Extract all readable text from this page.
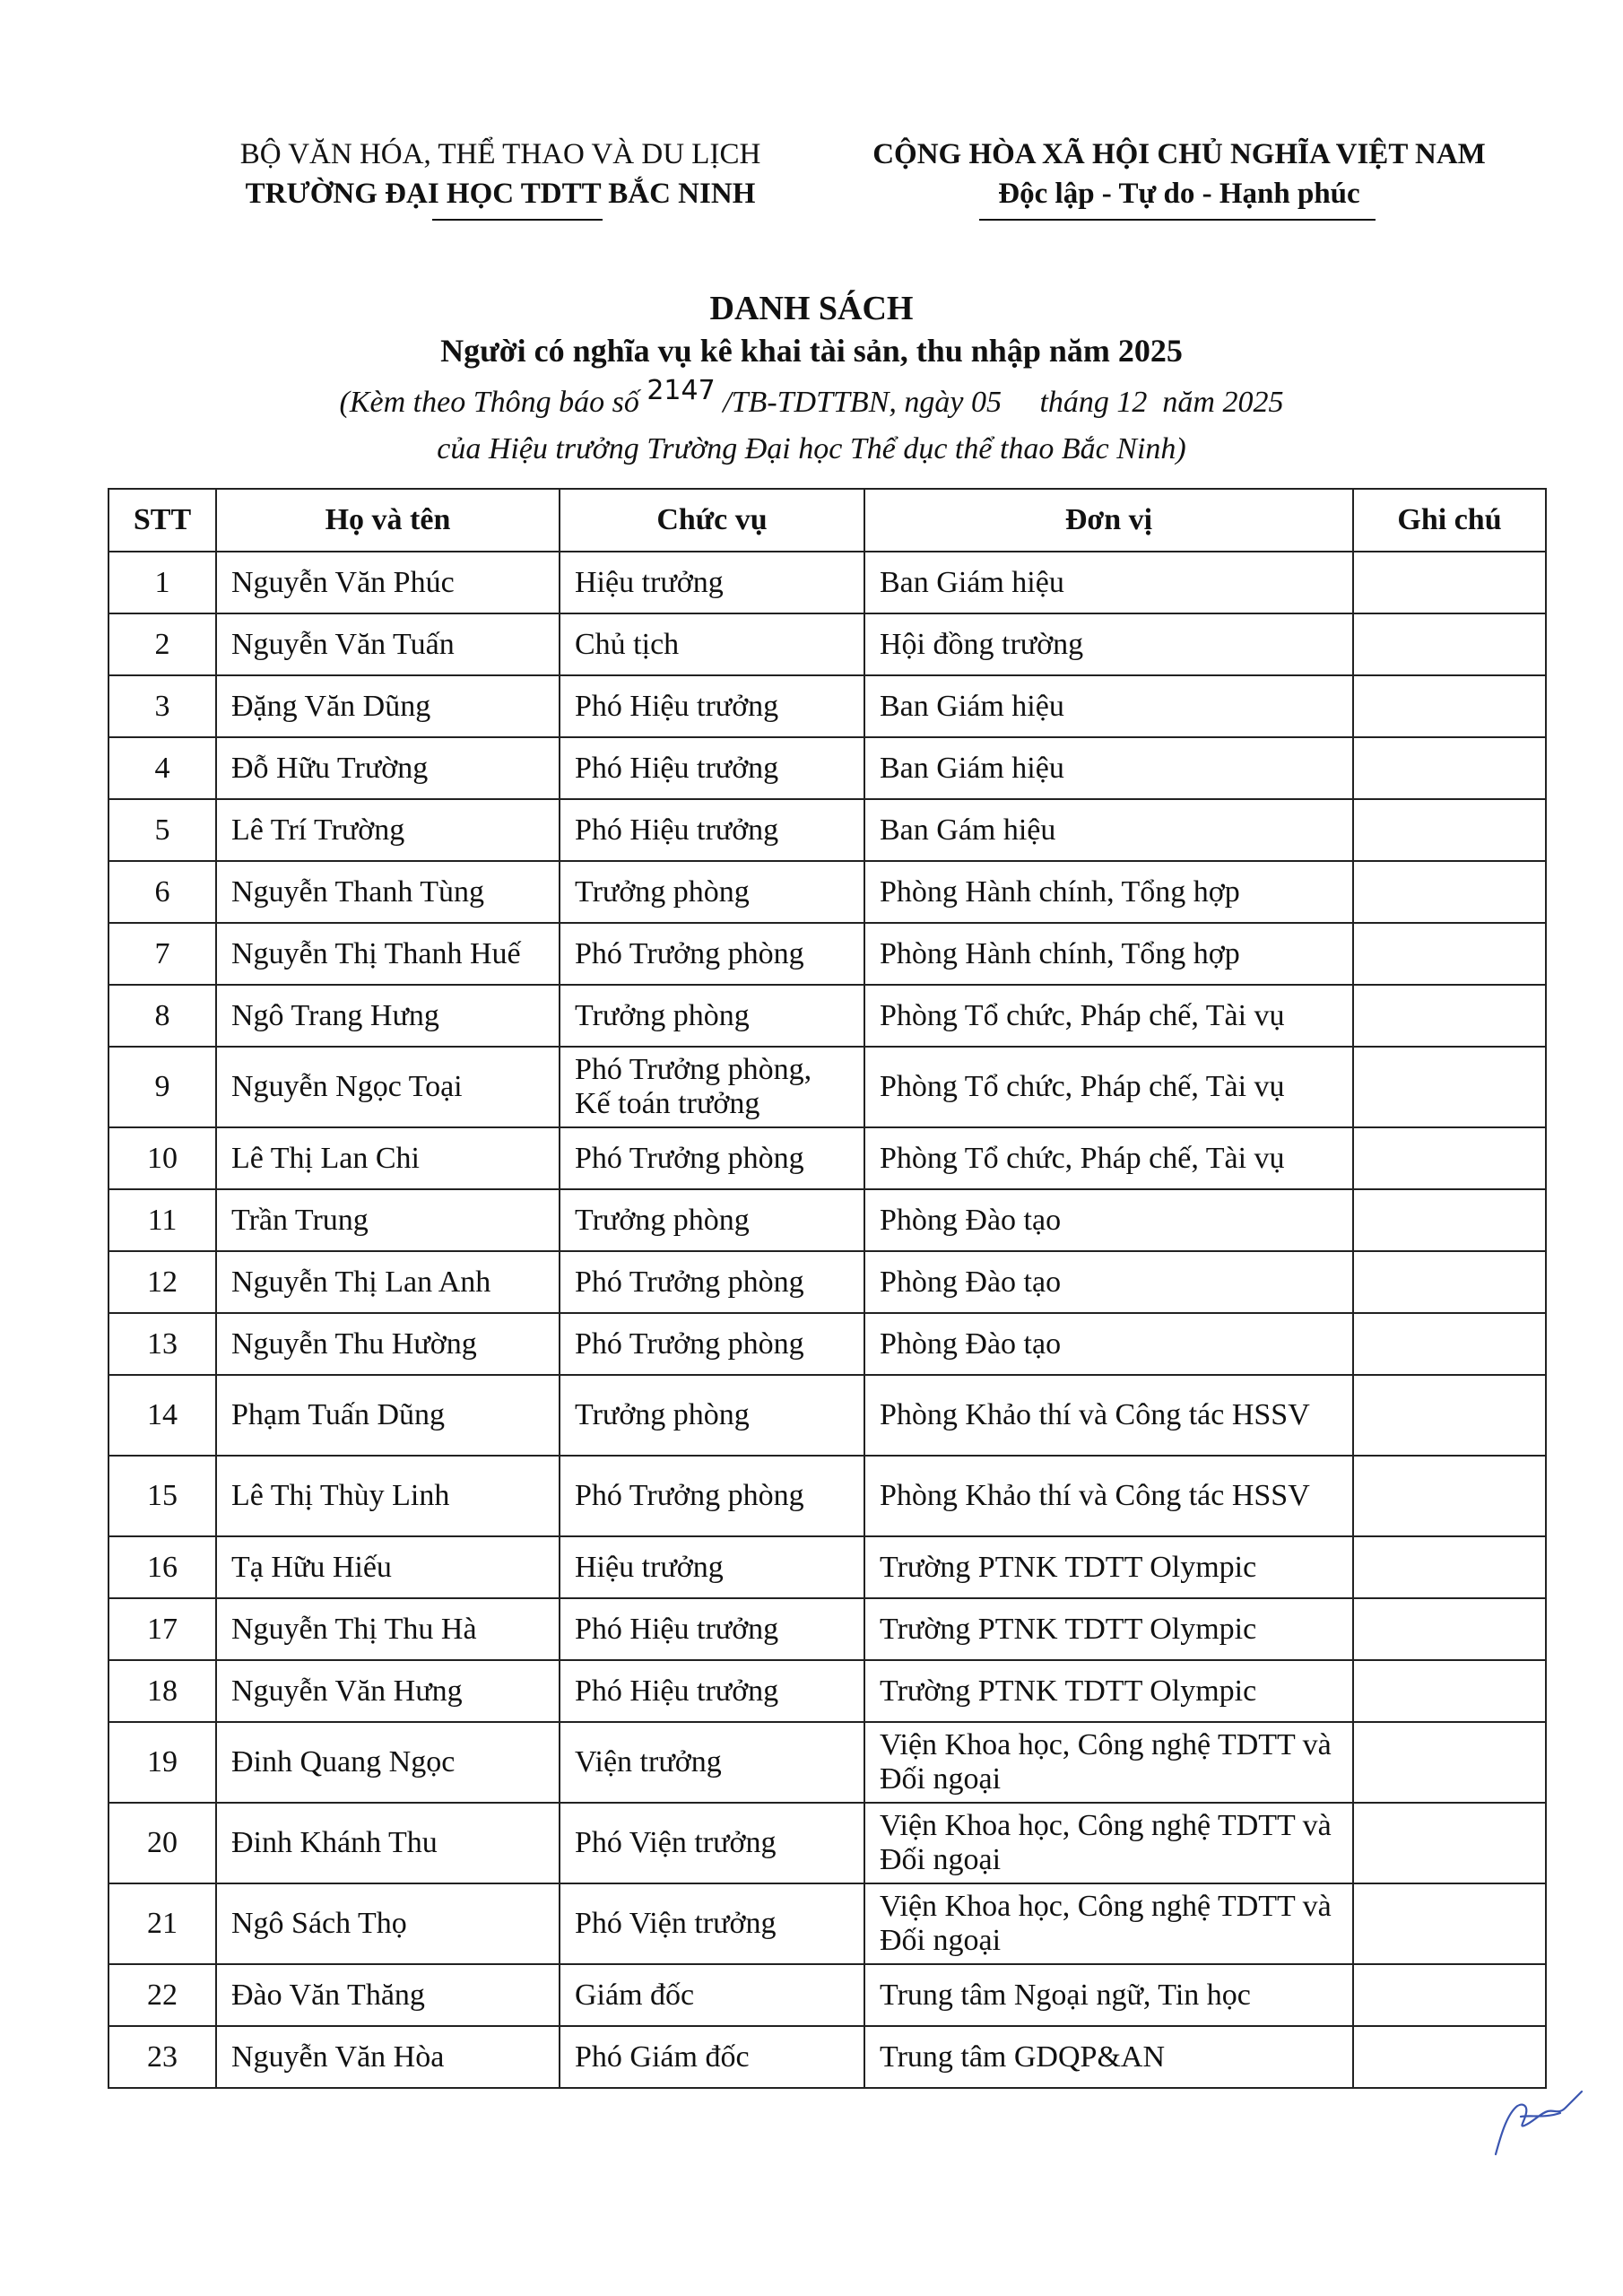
BỘ VĂN HÓA, THỂ THAO VÀ DU LỊCH
TRƯỜNG ĐẠI HỌC TDTT BẮC NINH
CỘNG HÒA XÃ HỘI CHỦ NGHĨA VIỆT NAM
Độc lập - Tự do - Hạnh phúc
DANH SÁCH
Người có nghĩa vụ kê khai tài sản, thu nhập năm 2025
(Kèm theo Thông báo số 2147 /TB-TDTTBN, ngày 05     tháng 12  năm 2025
của Hiệu trưởng Trường Đại học Thể dục thể thao Bắc Ninh)
STT	Họ và tên	Chức vụ	Đơn vị	Ghi chú
1	Nguyễn Văn Phúc	Hiệu trưởng	Ban Giám hiệu	
2	Nguyễn Văn Tuấn	Chủ tịch	Hội đồng trường	
3	Đặng Văn Dũng	Phó Hiệu trưởng	Ban Giám hiệu	
4	Đỗ Hữu Trường	Phó Hiệu trưởng	Ban Giám hiệu	
5	Lê Trí Trường	Phó Hiệu trưởng	Ban Gám hiệu	
6	Nguyễn Thanh Tùng	Trưởng phòng	Phòng Hành chính, Tổng hợp	
7	Nguyễn Thị Thanh Huế	Phó Trưởng phòng	Phòng Hành chính, Tổng hợp	
8	Ngô Trang Hưng	Trưởng phòng	Phòng Tổ chức, Pháp chế, Tài vụ	
9	Nguyễn Ngọc Toại	Phó Trưởng phòng, Kế toán trưởng	Phòng Tổ chức, Pháp chế, Tài vụ	
10	Lê Thị Lan Chi	Phó Trưởng phòng	Phòng Tổ chức, Pháp chế, Tài vụ	
11	Trần Trung	Trưởng phòng	Phòng Đào tạo	
12	Nguyễn Thị Lan Anh	Phó Trưởng phòng	Phòng Đào tạo	
13	Nguyễn Thu Hường	Phó Trưởng phòng	Phòng Đào tạo	
14	Phạm Tuấn Dũng	Trưởng phòng	Phòng Khảo thí và Công tác HSSV	
15	Lê Thị Thùy Linh	Phó Trưởng phòng	Phòng Khảo thí và Công tác HSSV	
16	Tạ Hữu Hiếu	Hiệu trưởng	Trường PTNK TDTT Olympic	
17	Nguyễn Thị Thu Hà	Phó Hiệu trưởng	Trường PTNK TDTT Olympic	
18	Nguyễn Văn Hưng	Phó Hiệu trưởng	Trường PTNK TDTT Olympic	
19	Đinh Quang Ngọc	Viện trưởng	Viện Khoa học, Công nghệ TDTT và Đối ngoại	
20	Đinh Khánh Thu	Phó Viện trưởng	Viện Khoa học, Công nghệ TDTT và Đối ngoại	
21	Ngô Sách Thọ	Phó Viện trưởng	Viện Khoa học, Công nghệ TDTT và Đối ngoại	
22	Đào Văn Thăng	Giám đốc	Trung tâm Ngoại ngữ, Tin học	
23	Nguyễn Văn Hòa	Phó Giám đốc	Trung tâm GDQP&AN	
